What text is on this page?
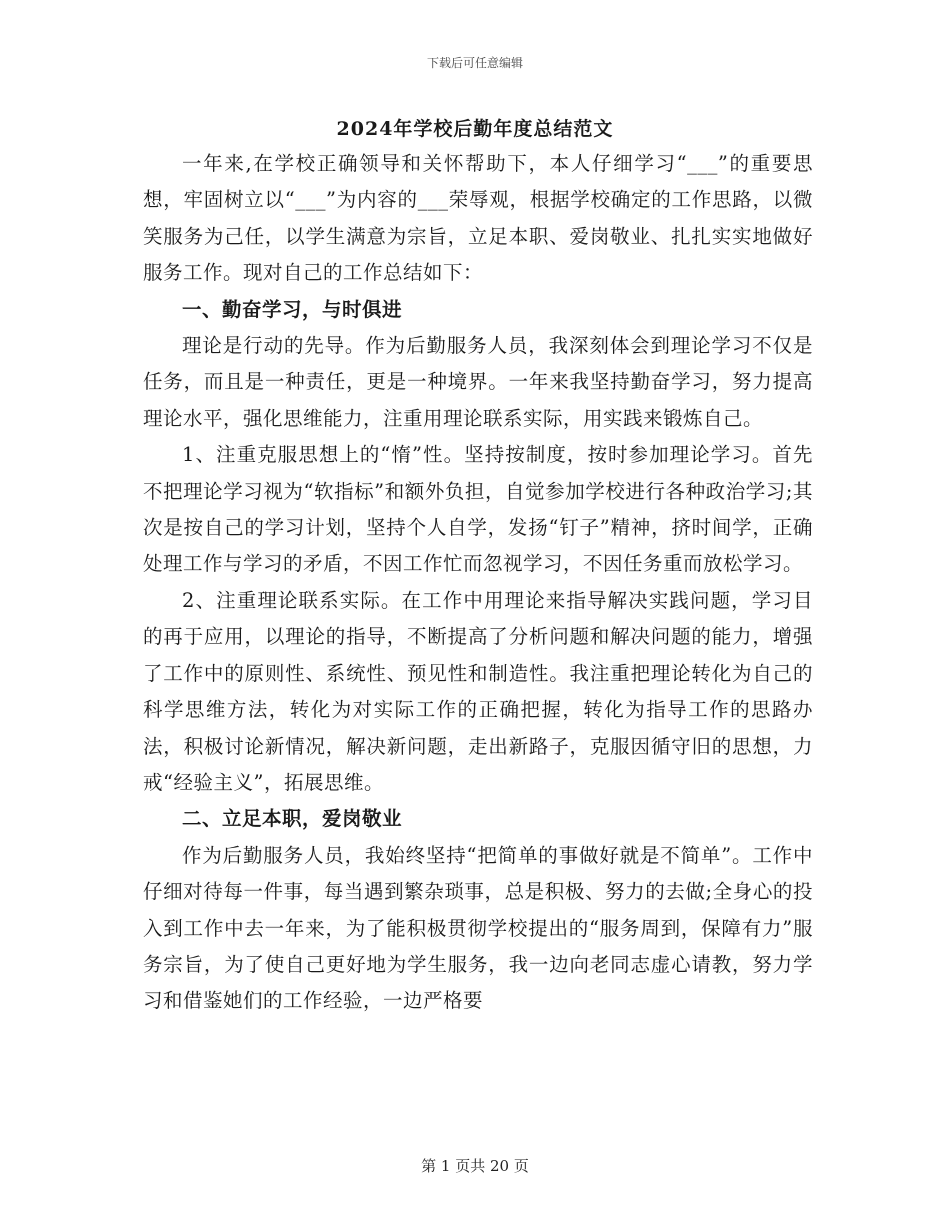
下载后可任意编辑
2024年学校后勤年度总结范文

一年来,在学校正确领导和关怀帮助下，本人仔细学习“___”的重要思想，牢固树立以“___”为内容的___荣辱观，根据学校确定的工作思路，以微笑服务为己任，以学生满意为宗旨，立足本职、爱岗敬业、扎扎实实地做好服务工作。现对自己的工作总结如下：

一、勤奋学习，与时俱进

理论是行动的先导。作为后勤服务人员，我深刻体会到理论学习不仅是任务，而且是一种责任，更是一种境界。一年来我坚持勤奋学习，努力提高理论水平，强化思维能力，注重用理论联系实际，用实践来锻炼自己。

1、注重克服思想上的“惰”性。坚持按制度，按时参加理论学习。首先不把理论学习视为“软指标”和额外负担，自觉参加学校进行各种政治学习;其次是按自己的学习计划，坚持个人自学，发扬“钉子”精神，挤时间学，正确处理工作与学习的矛盾，不因工作忙而忽视学习，不因任务重而放松学习。

2、注重理论联系实际。在工作中用理论来指导解决实践问题，学习目的再于应用，以理论的指导，不断提高了分析问题和解决问题的能力，增强了工作中的原则性、系统性、预见性和制造性。我注重把理论转化为自己的科学思维方法，转化为对实际工作的正确把握，转化为指导工作的思路办法，积极讨论新情况，解决新问题，走出新路子，克服因循守旧的思想，力戒“经验主义”，拓展思维。

二、立足本职，爱岗敬业

作为后勤服务人员，我始终坚持“把简单的事做好就是不简单”。工作中仔细对待每一件事，每当遇到繁杂琐事，总是积极、努力的去做;全身心的投入到工作中去一年来，为了能积极贯彻学校提出的“服务周到，保障有力”服务宗旨，为了使自己更好地为学生服务，我一边向老同志虚心请教，努力学习和借鉴她们的工作经验，一边严格要

第 1 页共 20 页
